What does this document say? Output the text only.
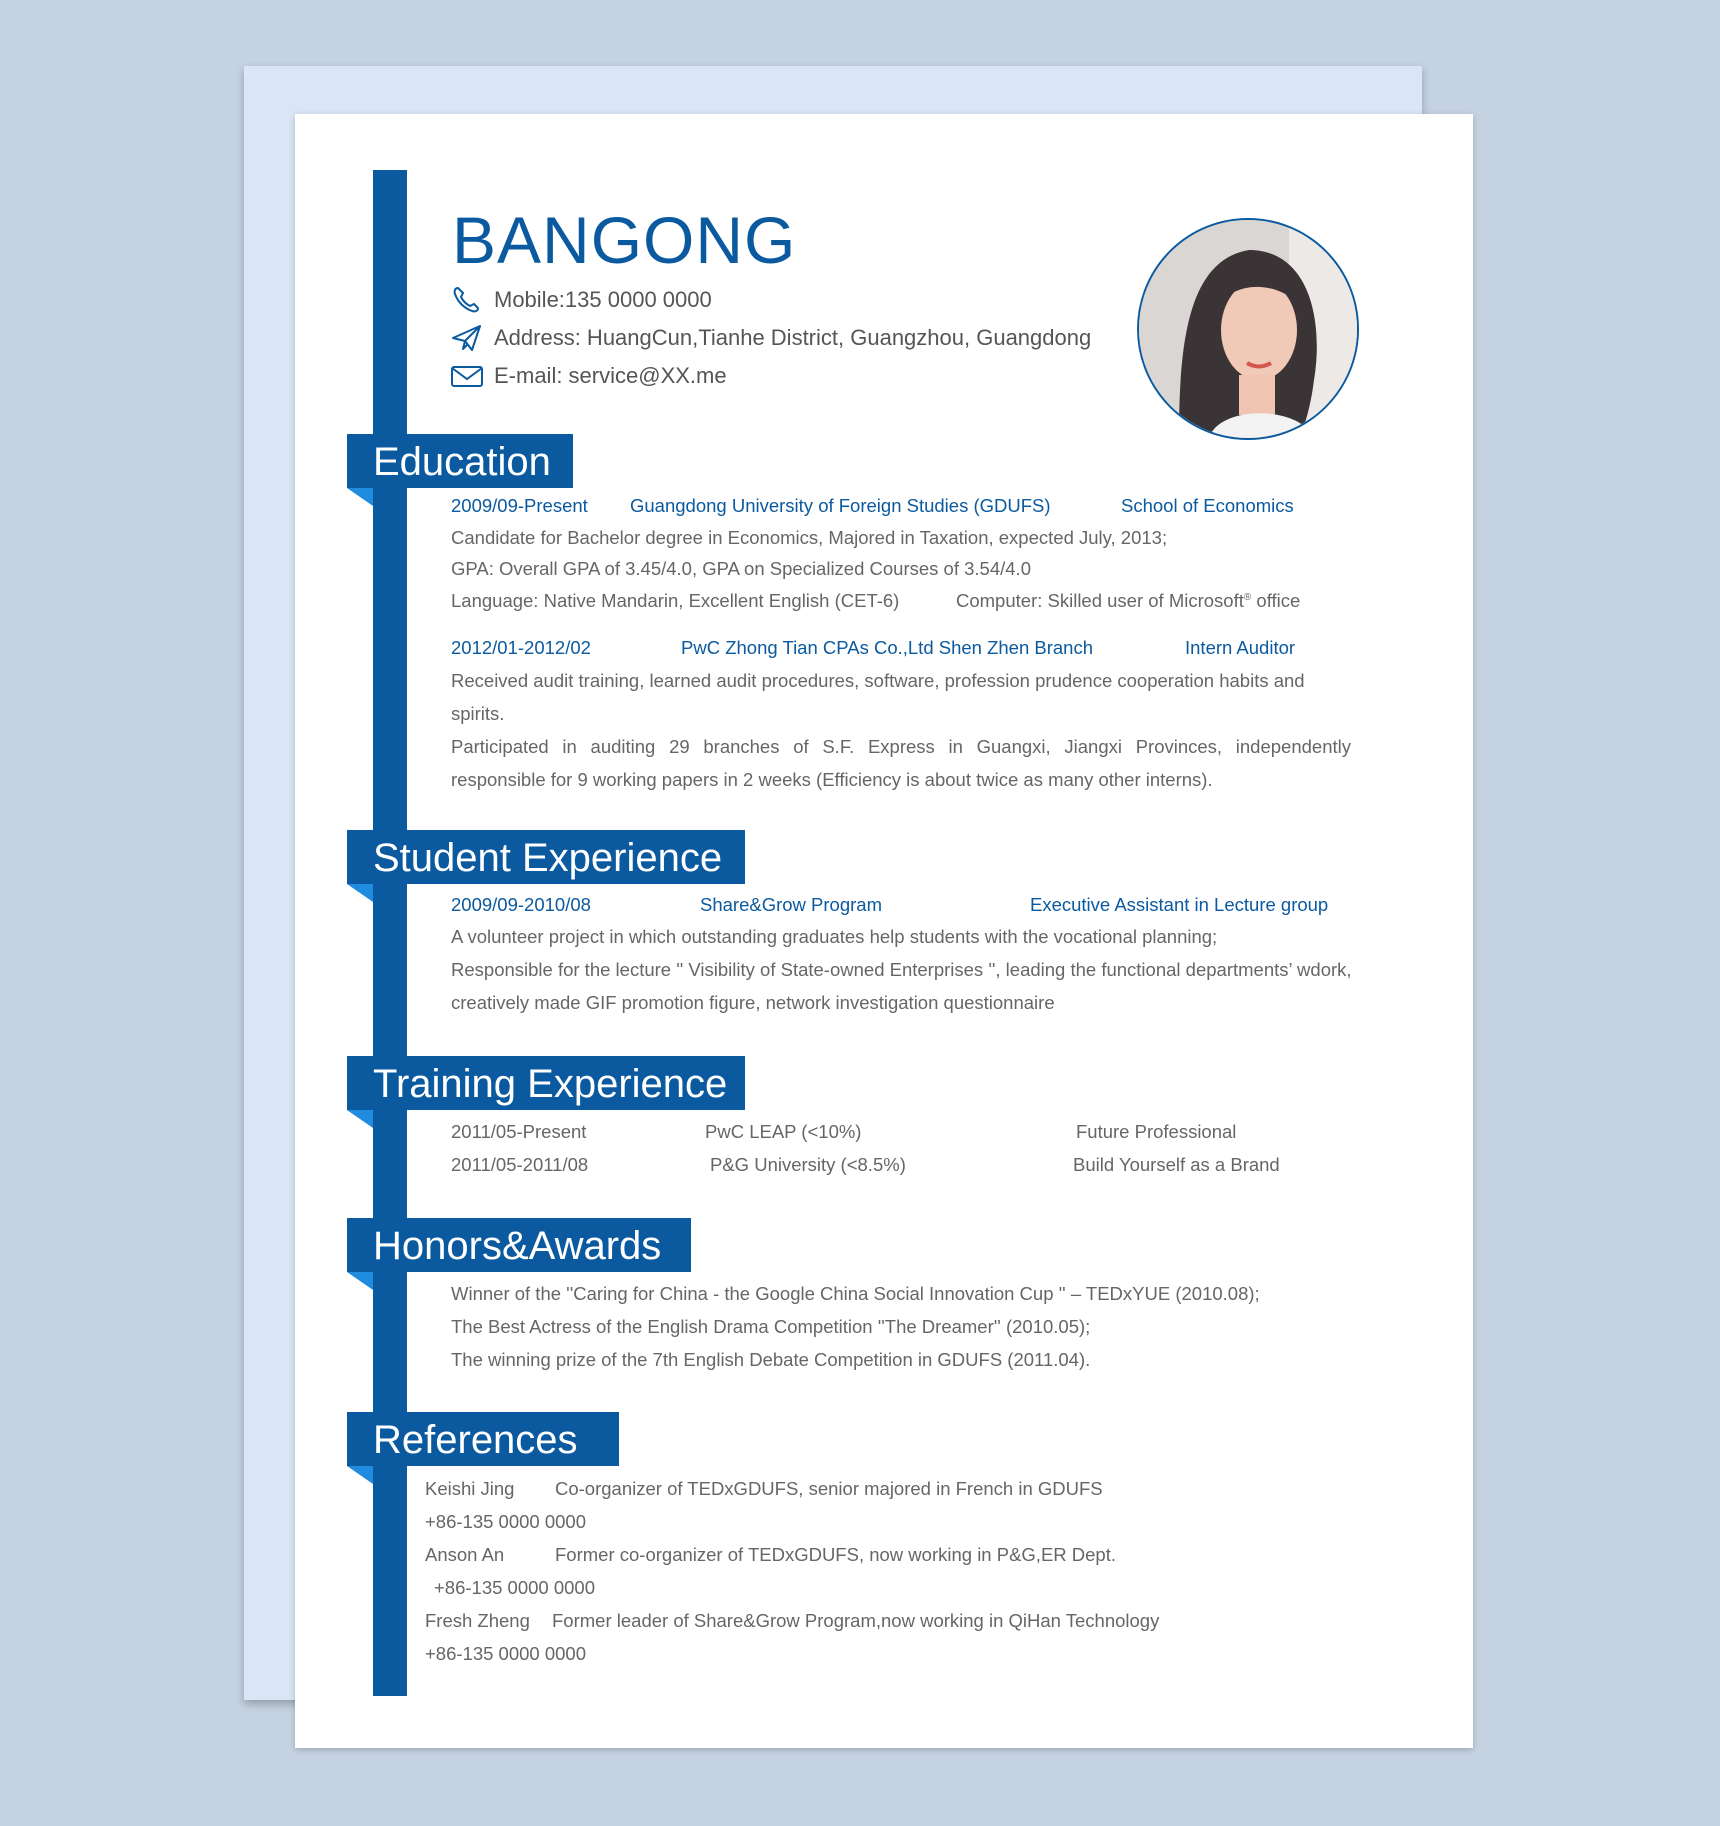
BANGONG
Mobile:135 0000 0000
Address: HuangCun,Tianhe District, Guangzhou, Guangdong
E-mail: service@XX.me
Education
2009/09-Present Guangdong University of Foreign Studies (GDUFS)	School of Economics
Candidate for Bachelor degree in Economics, Majored in Taxation, expected July, 2013;
GPA: Overall GPA of 3.45/4.0, GPA on Specialized Courses of 3.54/4.0
Language: Native Mandarin, Excellent English (CET-6)	Computer: Skilled user of Microsoft® office
2012/01-2012/02	PwC Zhong Tian CPAs Co.,Ltd Shen Zhen Branch	Intern Auditor
Received audit training, learned audit procedures, software, profession prudence cooperation habits and
spirits.
Participated in auditing 29 branches of S.F. Express in Guangxi, Jiangxi Provinces, independently
responsible for 9 working papers in 2 weeks (Efficiency is about twice as many other interns).
Student Experience
2009/09-2010/08	Share&Grow Program	Executive Assistant in Lecture group
A volunteer project in which outstanding graduates help students with the vocational planning;
Responsible for the lecture '' Visibility of State-owned Enterprises '', leading the functional departments’ wdork,
creatively made GIF promotion figure, network investigation questionnaire
Training Experience
2011/05-Present	PwC LEAP (<10%)	Future Professional
2011/05-2011/08	P&G University (<8.5%)	Build Yourself as a Brand
Honors&Awards
Winner of the ''Caring for China - the Google China Social Innovation Cup '' – TEDxYUE (2010.08);
The Best Actress of the English Drama Competition ''The Dreamer'' (2010.05);
The winning prize of the 7th English Debate Competition in GDUFS (2011.04).
References
Keishi Jing Co-organizer of TEDxGDUFS, senior majored in French in GDUFS
+86-135 0000 0000
Anson An	Former co-organizer of TEDxGDUFS, now working in P&G,ER Dept.
+86-135 0000 0000
Fresh Zheng Former leader of Share&Grow Program,now working in QiHan Technology
+86-135 0000 0000
